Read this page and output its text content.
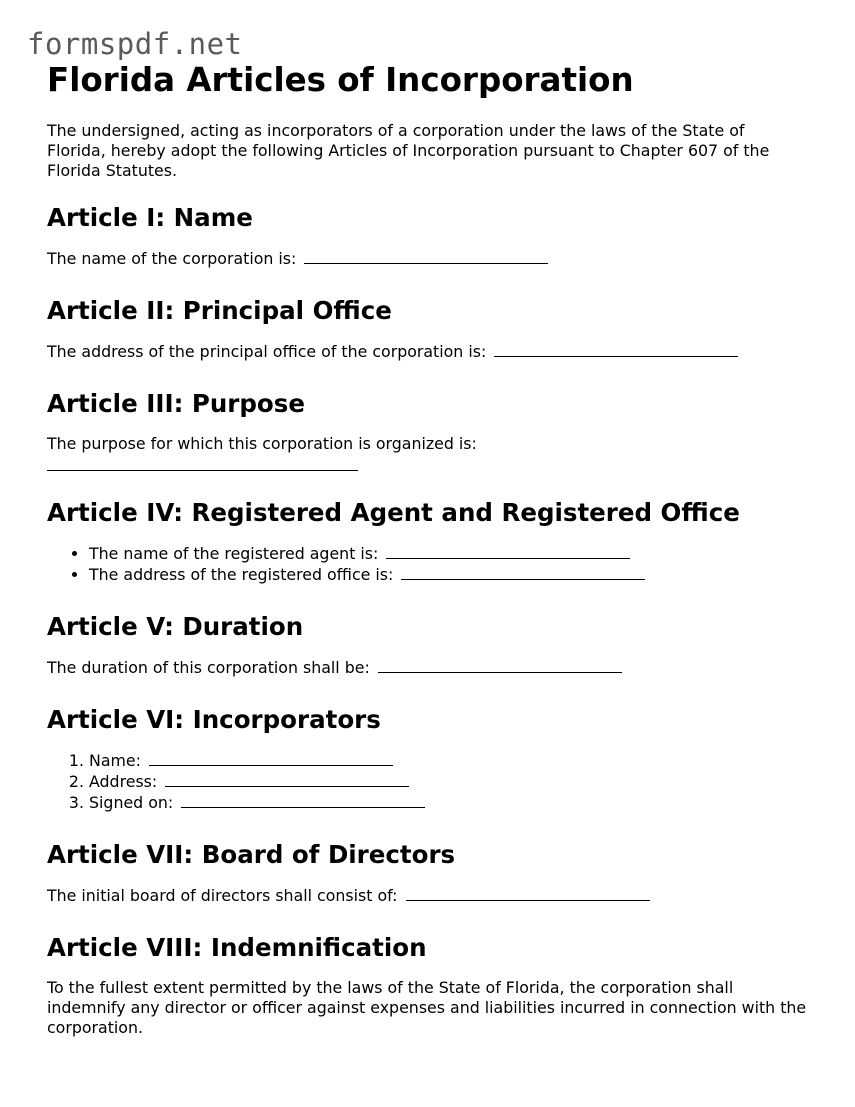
formspdf.net
Florida Articles of Incorporation

The undersigned, acting as incorporators of a corporation under the laws of the State of Florida, hereby adopt the following Articles of Incorporation pursuant to Chapter 607 of the Florida Statutes.

Article I: Name

The name of the corporation is:

Article II: Principal Office

The address of the principal office of the corporation is:

Article III: Purpose

The purpose for which this corporation is organized is:

Article IV: Registered Agent and Registered Office
• The name of the registered agent is:
• The address of the registered office is:
Article V: Duration

The duration of this corporation shall be:

Article VI: Incorporators
1. Name:
2. Address:
3. Signed on:
Article VII: Board of Directors

The initial board of directors shall consist of:

Article VIII: Indemnification

To the fullest extent permitted by the laws of the State of Florida, the corporation shall indemnify any director or officer against expenses and liabilities incurred in connection with the corporation.
